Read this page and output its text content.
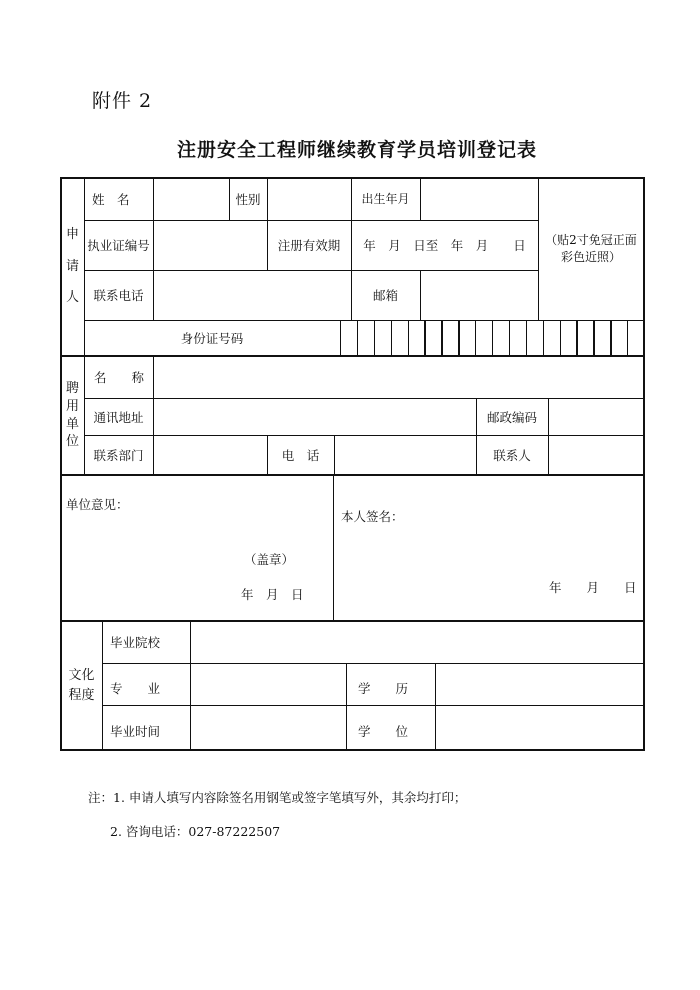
附件 2
注册安全工程师继续教育学员培训登记表
申
请
人
姓　名	性别	出生年月
执业证编号	注册有效期	年　月　日至　年　月　　日
联系电话	邮箱
（贴2寸免冠正面
彩色近照）
身份证号码
聘
用
单
位
名　　称
通讯地址	邮政编码
联系部门	电　话	联系人
单位意见：
（盖章）
年　月　日
本人签名：
年　　月　　日
文化
程度
毕业院校
专　　业	学　　历
毕业时间	学　　位
注：1. 申请人填写内容除签名用钢笔或签字笔填写外，其余均打印；
2. 咨询电话：027-87222507
